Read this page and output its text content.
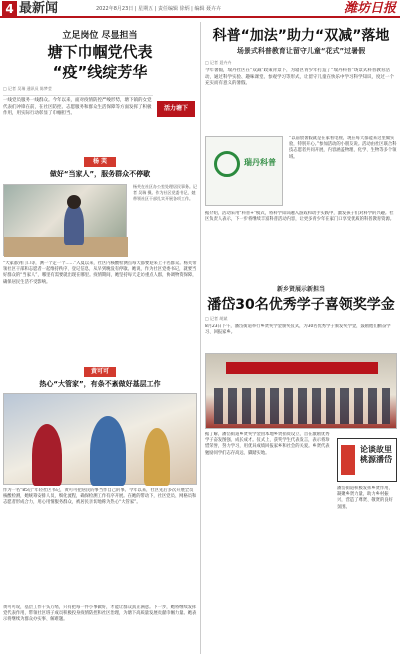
4 最新闻	2022年8月23日 | 星期五 | 责任编辑 徐炳 | 编辑 聂卉卉	潍坊日报
立足岗位 尽显担当
塘下巾帼党代表
“疫”线绽芳华
□ 记者 吴瑞 通讯员 陈梦莹
一线党员服务一线群众。今年以来，面对疫情防控严峻形势，塘下镇的女党代表们冲锋在前，在社区防控、志愿服务和群众生活保障等方面发挥了积极作用，用实际行动彰显了巾帼担当。
活力塘下
杨 芙
做好“当家人”，服务群众不停歇
杨芙在社区办公室处理居民事务。记者 吴瑞 摄。作为社区党委书记，她带领社区干部扎实开展各项工作。
“大家都到门口等，测一个走一个……”入夏以来，社区内核酸检测点每天都要迎来上千名群众。杨芙带领社区干部和志愿者一起维持秩序、登记信息，从早到晚没有停歇。她说，作为社区党委书记，就要当好群众的“当家人”，哪里有需要就出现在哪里。疫情期间，她坚持每天走访重点人群，协调物资保障，确保居民生活不受影响。
黄可可
热心“大管家”，有条不紊做好基层工作
作为一名“85后”年轻社区书记，黄可可把居民的事当作自己的事。今年以来，社区先后多次开展全员核酸检测，她统筹安排人员，细化流程，确保检测工作有序开展。在她的带动下，社区党员、网格员和志愿者形成合力，用心用情服务群众，被居民亲切地称为热心“大管家”。
黄可可说，基层工作千头万绪，只有把每一件小事做好，才能让群众真正满意。下一步，她将继续发挥党代表作用，带领社区班子成员积极投身疫情防控和社区治理，为塘下高质量发展贡献巾帼力量。她表示将继续为群众办实事、解难题。
科普“加法”助力“双减”落地
场景式科普教育让留守儿童“花式”过暑假
□ 记者 聂卉卉
今年暑假，瑞丹社区在“双减”政策背景下，为辖区青少年打造了“瑞丹科普”场景式科普教育活动，通过科学实验、趣味课堂、参观学习等形式，让留守儿童在快乐中学习科学知识，度过一个充实而有意义的暑假。
瑞丹科普
“以前放暑假就是在家看电视，现在每天都能来这里做实验，特别开心。”参加活动的小朋友说。活动由社区联合科技志愿者共同开展，内容涵盖物理、化学、生物等多个领域。
据介绍，活动采用“科普+”模式，将科学知识融入游戏和动手实践中，激发孩子们对科学的兴趣。社区负责人表示，下一步将继续丰富科普活动内容，让更多青少年在家门口享受优质的科普教育资源。
新乡贤展示新担当
潘岱30名优秀学子喜领奖学金
□ 记者 胡斌
8月23日下午，潘岱街道举行乡贤奖学金颁奖仪式，为30名优秀学子颁发奖学金，鼓励他们勤奋学习、回报家乡。
据了解，潘岱街道乡贤奖学金由本地乡贤捐资设立，旨在激励优秀学子奋发图强、成长成才。仪式上，获奖学生代表发言，表示将珍惜荣誉，努力学习，用优异成绩回报家乡和社会的关爱。乡贤代表勉励同学们志存高远、脚踏实地。	论谈故里 桃源潘岱
潘岱街道积极发挥乡贤作用，凝聚乡贤力量，助力乡村振兴，营造了尊贤、敬贤的良好氛围。
